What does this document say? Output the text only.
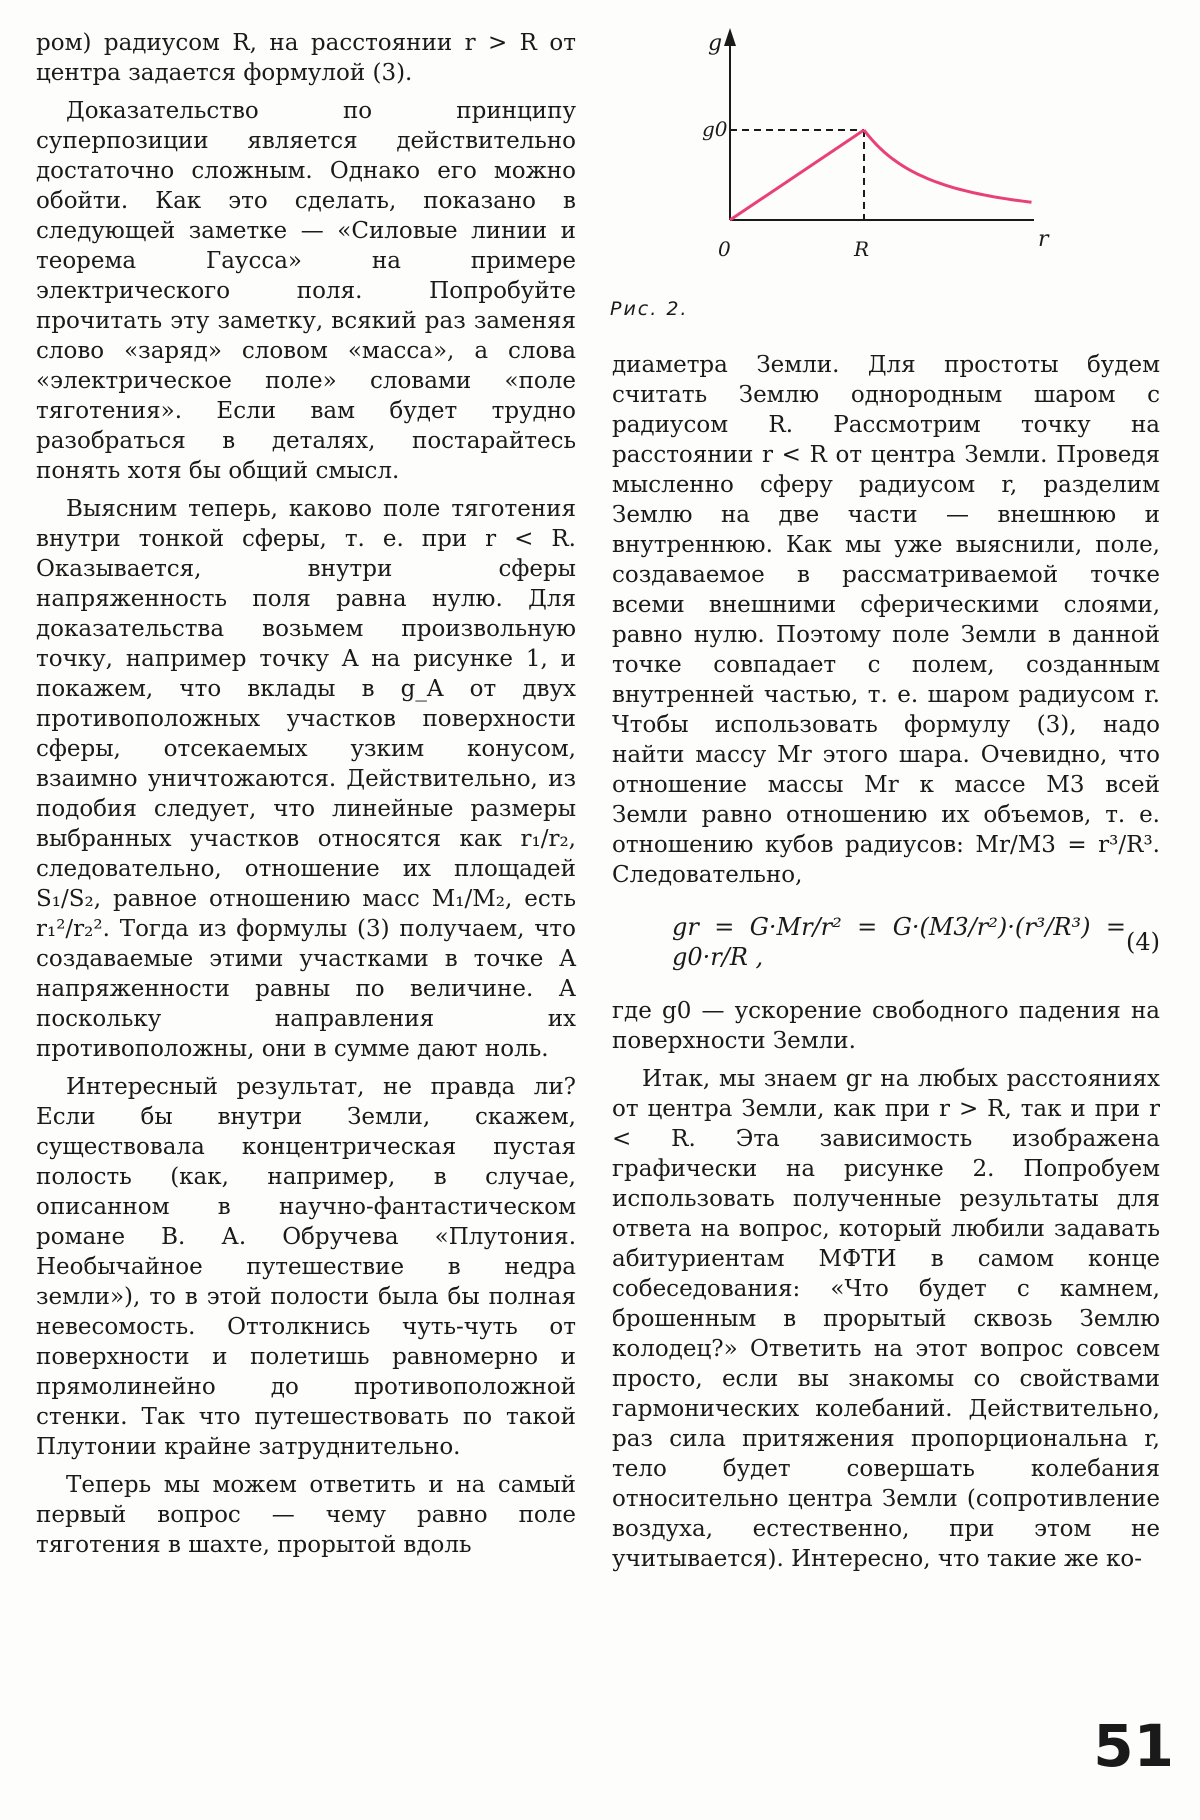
ром) радиусом R, на расстоянии r > R от центра задается формулой (3).

Доказательство по принципу суперпозиции является действительно достаточно сложным. Однако его можно обойти. Как это сделать, показано в следующей заметке — «Силовые линии и теорема Гаусса» на примере электрического поля. Попробуйте прочитать эту заметку, всякий раз заменяя слово «заряд» словом «масса», а слова «электрическое поле» словами «поле тяготения». Если вам будет трудно разобраться в деталях, постарайтесь понять хотя бы общий смысл.

Выясним теперь, каково поле тяготения внутри тонкой сферы, т. е. при r < R. Оказывается, внутри сферы напряженность поля равна нулю. Для доказательства возьмем произвольную точку, например точку A на рисунке 1, и покажем, что вклады в g_A от двух противоположных участков поверхности сферы, отсекаемых узким конусом, взаимно уничтожаются. Действительно, из подобия следует, что линейные размеры выбранных участков относятся как r₁/r₂, следовательно, отношение их площадей S₁/S₂, равное отношению масс M₁/M₂, есть r₁²/r₂². Тогда из формулы (3) получаем, что создаваемые этими участками в точке A напряженности равны по величине. А поскольку направления их противоположны, они в сумме дают ноль.

Интересный результат, не правда ли? Если бы внутри Земли, скажем, существовала концентрическая пустая полость (как, например, в случае, описанном в научно-фантастическом романе В. А. Обручева «Плутония. Необычайное путешествие в недра земли»), то в этой полости была бы полная невесомость. Оттолкнись чуть-чуть от поверхности и полетишь равномерно и прямолинейно до противоположной стенки. Так что путешествовать по такой Плутонии крайне затруднительно.

Теперь мы можем ответить и на самый первый вопрос — чему равно поле тяготения в шахте, прорытой вдоль

g
g0
0	R	r
Рис. 2.

диаметра Земли. Для простоты будем считать Землю однородным шаром с радиусом R. Рассмотрим точку на расстоянии r < R от центра Земли. Проведя мысленно сферу радиусом r, разделим Землю на две части — внешнюю и внутреннюю. Как мы уже выяснили, поле, создаваемое в рассматриваемой точке всеми внешними сферическими слоями, равно нулю. Поэтому поле Земли в данной точке совпадает с полем, созданным внутренней частью, т. е. шаром радиусом r. Чтобы использовать формулу (3), надо найти массу Mr этого шара. Очевидно, что отношение массы Mr к массе M3 всей Земли равно отношению их объемов, т. е. отношению кубов радиусов: Mr/M3 = r³/R³. Следовательно,

gr = G·Mr/r² = G·(M3/r²)·(r³/R³) = g0·r/R ,
(4)

где g0 — ускорение свободного падения на поверхности Земли.

Итак, мы знаем gr на любых расстояниях от центра Земли, как при r > R, так и при r < R. Эта зависимость изображена графически на рисунке 2. Попробуем использовать полученные результаты для ответа на вопрос, который любили задавать абитуриентам МФТИ в самом конце собеседования: «Что будет с камнем, брошенным в прорытый сквозь Землю колодец?» Ответить на этот вопрос совсем просто, если вы знакомы со свойствами гармонических колебаний. Действительно, раз сила притяжения пропорциональна r, тело будет совершать колебания относительно центра Земли (сопротивление воздуха, естественно, при этом не учитывается). Интересно, что такие же ко-

51
